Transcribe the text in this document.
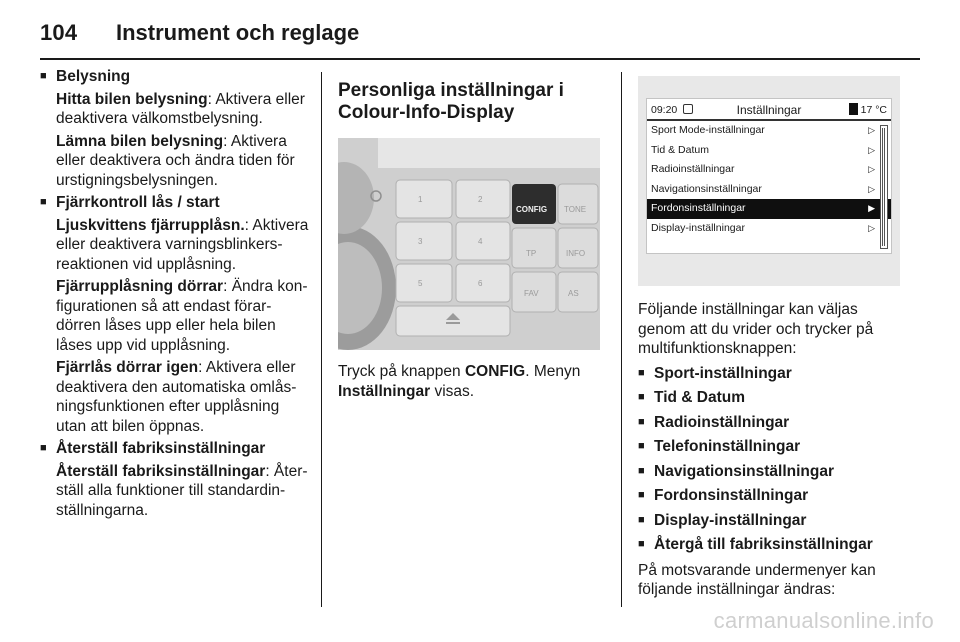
104 Instrument och reglage
■ Belysning
Hitta bilen belysning: Aktivera eller deaktivera välkomstbelysning.
Lämna bilen belysning: Aktivera eller deaktivera och ändra tiden för urstigningsbelysningen.
■ Fjärrkontroll lås / start
Ljuskvittens fjärrupplåsn.: Aktivera eller deaktivera varningsblinkers-reaktionen vid upplåsning.
Fjärrupplåsning dörrar: Ändra kon-figurationen så att endast förar-dörren låses upp eller hela bilen låses upp vid upplåsning.
Fjärrlås dörrar igen: Aktivera eller deaktivera den automatiska omlås-ningsfunktionen efter upplåsning utan att bilen öppnas.
■ Återställ fabriksinställningar
Återställ fabriksinställningar: Åter-ställ alla funktioner till standardin-ställningarna.
Personliga inställningar i Colour-Info-Display
1	2
3	4
5	6
CONFIG TONE
TP	INFO
FAV	AS

Tryck på knappen CONFIG. Menyn Inställningar visas.

09:20	Inställningar	17 °C
Sport Mode-inställningar	▷
Tid & Datum	▷
Radioinställningar	▷
Navigationsinställningar	▷
Fordonsinställningar	▶
Display-inställningar	▷

Följande inställningar kan väljas genom att du vrider och trycker på multifunktionsknappen:

■ Sport-inställningar
■ Tid & Datum
■ Radioinställningar
■ Telefoninställningar
■ Navigationsinställningar
■ Fordonsinställningar
■ Display-inställningar
■ Återgå till fabriksinställningar

På motsvarande undermenyer kan följande inställningar ändras:

carmanualsonline.info
